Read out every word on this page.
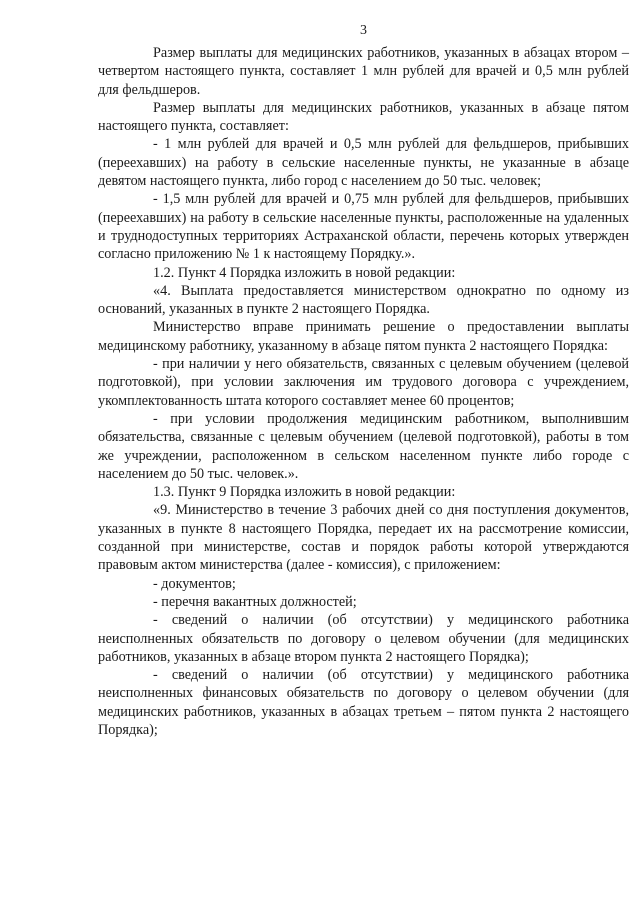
3

Размер выплаты для медицинских работников, указанных в абзацах втором – четвертом настоящего пункта, составляет 1 млн рублей для врачей и 0,5 млн рублей для фельдшеров.

Размер выплаты для медицинских работников, указанных в абзаце пятом настоящего пункта, составляет:

- 1 млн рублей для врачей и 0,5 млн рублей для фельдшеров, прибывших (переехавших) на работу в сельские населенные пункты, не указанные в абзаце девятом настоящего пункта, либо город с населением до 50 тыс. человек;

- 1,5 млн рублей для врачей и 0,75 млн рублей для фельдшеров, прибывших (переехавших) на работу в сельские населенные пункты, расположенные на удаленных и труднодоступных территориях Астраханской области, перечень которых утвержден согласно приложению № 1 к настоящему Порядку.».

1.2. Пункт 4 Порядка изложить в новой редакции:

«4. Выплата предоставляется министерством однократно по одному из оснований, указанных в пункте 2 настоящего Порядка.

Министерство вправе принимать решение о предоставлении выплаты медицинскому работнику, указанному в абзаце пятом пункта 2 настоящего Порядка:

- при наличии у него обязательств, связанных с целевым обучением (целевой подготовкой), при условии заключения им трудового договора с учреждением, укомплектованность штата которого составляет менее 60 процентов;

- при условии продолжения медицинским работником, выполнившим обязательства, связанные с целевым обучением (целевой подготовкой), работы в том же учреждении, расположенном в сельском населенном пункте либо городе с населением до 50 тыс. человек.».

1.3. Пункт 9 Порядка изложить в новой редакции:

«9. Министерство в течение 3 рабочих дней со дня поступления документов, указанных в пункте 8 настоящего Порядка, передает их на рассмотрение комиссии, созданной при министерстве, состав и порядок работы которой утверждаются правовым актом министерства (далее - комиссия), с приложением:

- документов;

- перечня вакантных должностей;

- сведений о наличии (об отсутствии) у медицинского работника неисполненных обязательств по договору о целевом обучении (для медицинских работников, указанных в абзаце втором пункта 2 настоящего Порядка);

- сведений о наличии (об отсутствии) у медицинского работника неисполненных финансовых обязательств по договору о целевом обучении (для медицинских работников, указанных в абзацах третьем – пятом пункта 2 настоящего Порядка);
